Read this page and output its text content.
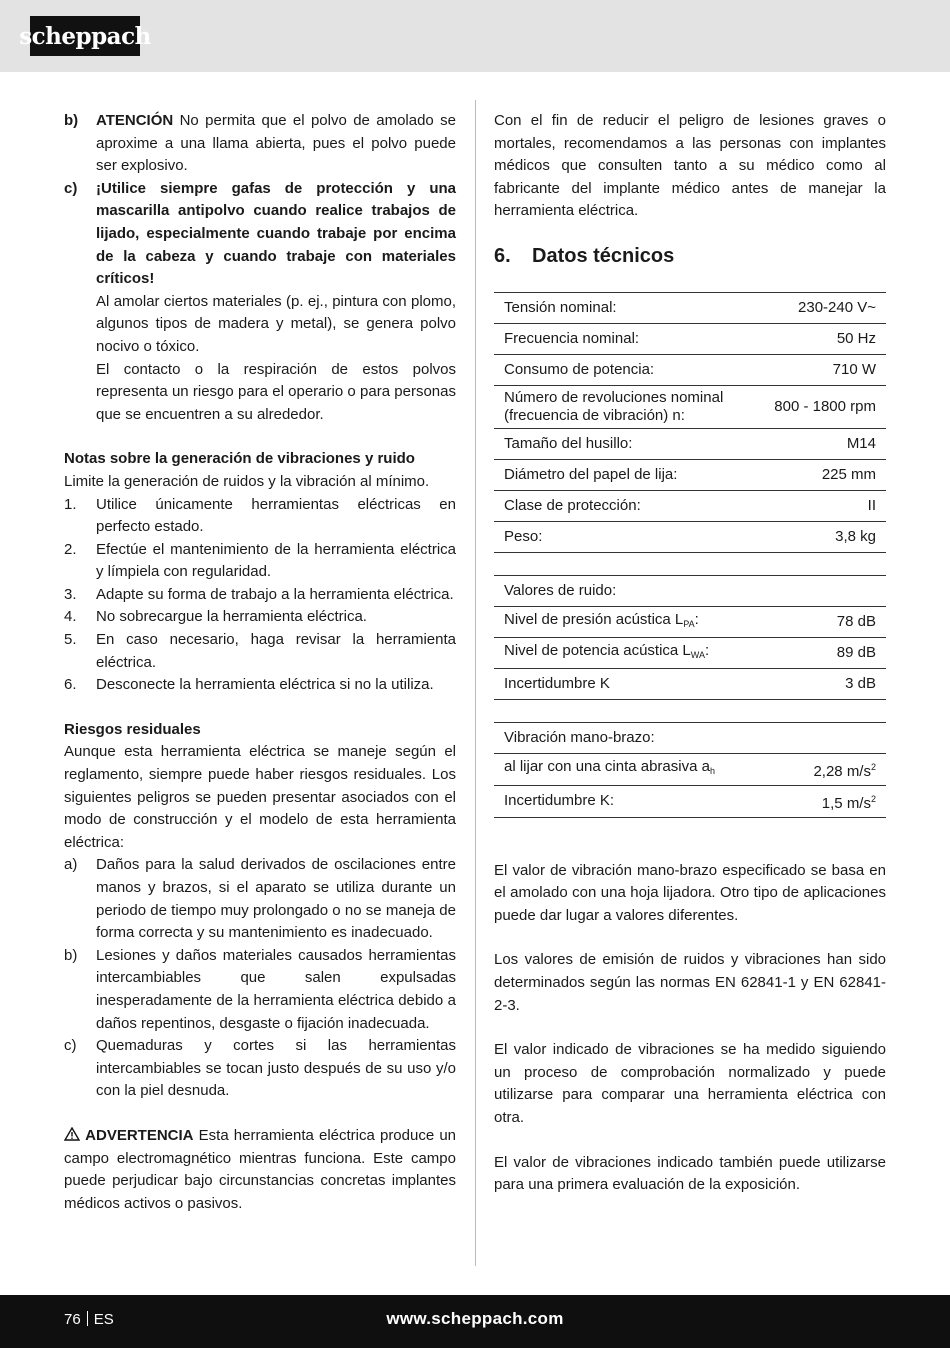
scheppach
b)	ATENCIÓN No permita que el polvo de amolado se aproxime a una llama abierta, pues el polvo puede ser explosivo.
c)	¡Utilice siempre gafas de protección y una mascarilla antipolvo cuando realice trabajos de lijado, especialmente cuando trabaje por encima de la cabeza y cuando trabaje con materiales críticos!

Al amolar ciertos materiales (p. ej., pintura con plomo, algunos tipos de madera y metal), se genera polvo nocivo o tóxico.

El contacto o la respiración de estos polvos representa un riesgo para el operario o para personas que se encuentren a su alrededor.

Notas sobre la generación de vibraciones y ruido

Limite la generación de ruidos y la vibración al mínimo.

1.	Utilice únicamente herramientas eléctricas en perfecto estado.
2.	Efectúe el mantenimiento de la herramienta eléctrica y límpiela con regularidad.
3.	Adapte su forma de trabajo a la herramienta eléctrica.
4.	No sobrecargue la herramienta eléctrica.
5.	En caso necesario, haga revisar la herramienta eléctrica.
6.	Desconecte la herramienta eléctrica si no la utiliza.

Riesgos residuales

Aunque esta herramienta eléctrica se maneje según el reglamento, siempre puede haber riesgos residuales. Los siguientes peligros se pueden presentar asociados con el modo de construcción y el modelo de esta herramienta eléctrica:

a)	Daños para la salud derivados de oscilaciones entre manos y brazos, si el aparato se utiliza durante un periodo de tiempo muy prolongado o no se maneja de forma correcta y su mantenimiento es inadecuado.
b)	Lesiones y daños materiales causados herramientas intercambiables que salen expulsadas inesperadamente de la herramienta eléctrica debido a daños repentinos, desgaste o fijación inadecuada.
c)	Quemaduras y cortes si las herramientas intercambiables se tocan justo después de su uso y/o con la piel desnuda.

ADVERTENCIA Esta herramienta eléctrica produce un campo electromagnético mientras funciona. Este campo puede perjudicar bajo circunstancias concretas implantes médicos activos o pasivos.

Con el fin de reducir el peligro de lesiones graves o mortales, recomendamos a las personas con implantes médicos que consulten tanto a su médico como al fabricante del implante médico antes de manejar la herramienta eléctrica.

6.	Datos técnicos
Tensión nominal:	230-240 V~
Frecuencia nominal:	50 Hz
Consumo de potencia:	710 W
Número de revoluciones nominal (frecuencia de vibración) n:	800 - 1800 rpm
Tamaño del husillo:	M14
Diámetro del papel de lija:	225 mm
Clase de protección:	II
Peso:	3,8 kg
Valores de ruido:	
Nivel de presión acústica $L_{PA}$:	78 dB
Nivel de potencia acústica $L_{WA}$:	89 dB
Incertidumbre K	3 dB
Vibración mano-brazo:	
al lijar con una cinta abrasiva $a_h$	2,28 $m/s^2$
Incertidumbre K:	1,5 $m/s^2$

El valor de vibración mano-brazo especificado se basa en el amolado con una hoja lijadora. Otro tipo de aplicaciones puede dar lugar a valores diferentes.

Los valores de emisión de ruidos y vibraciones han sido determinados según las normas EN 62841-1 y EN 62841-2-3.

El valor indicado de vibraciones se ha medido siguiendo un proceso de comprobación normalizado y puede utilizarse para comparar una herramienta eléctrica con otra.

El valor de vibraciones indicado también puede utilizarse para una primera evaluación de la exposición.

76 ES	www.scheppach.com
